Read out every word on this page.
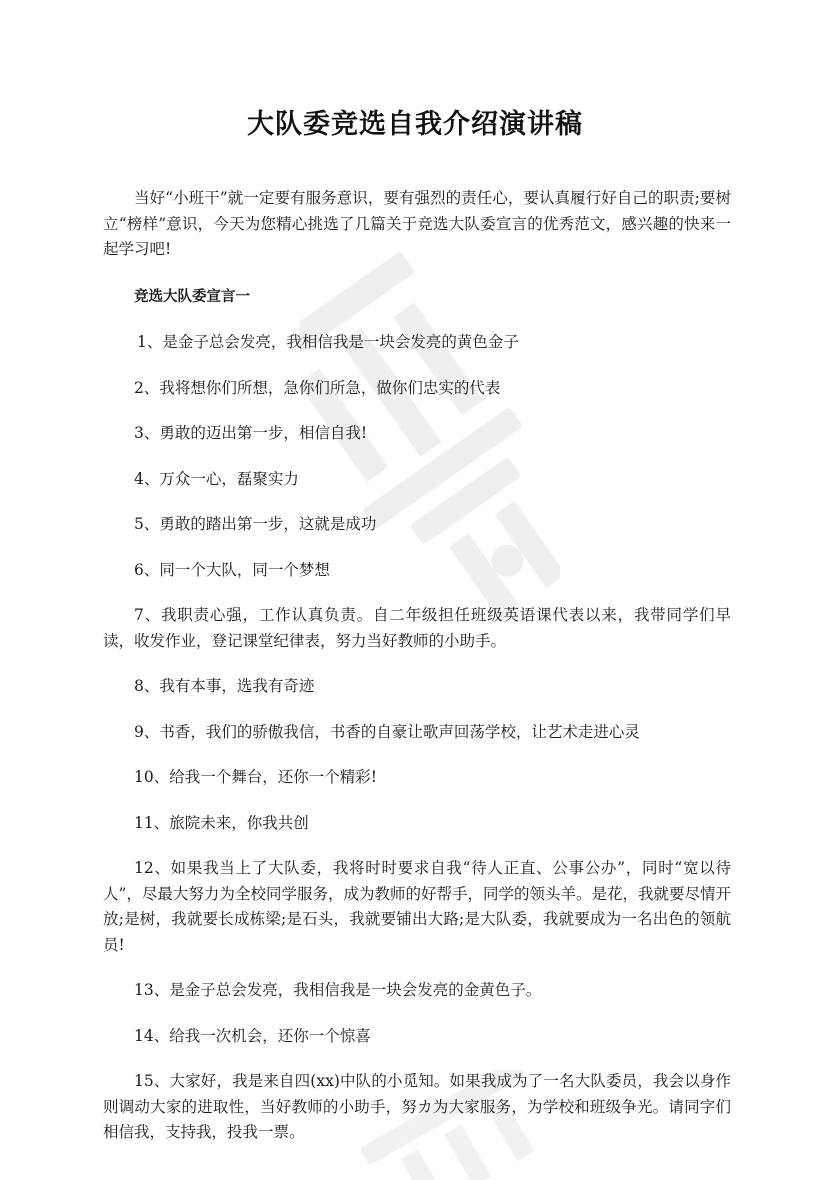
大队委竞选自我介绍演讲稿

当好“小班干”就一定要有服务意识，要有强烈的责任心，要认真履行好自己的职责;要树立“榜样”意识，今天为您精心挑选了几篇关于竞选大队委宣言的优秀范文，感兴趣的快来一起学习吧!

竞选大队委宣言一

1、是金子总会发亮，我相信我是一块会发亮的黄色金子

2、我将想你们所想，急你们所急，做你们忠实的代表

3、勇敢的迈出第一步，相信自我!

4、万众一心，磊聚实力

5、勇敢的踏出第一步，这就是成功

6、同一个大队，同一个梦想

7、我职责心强，工作认真负责。自二年级担任班级英语课代表以来，我带同学们早读，收发作业，登记课堂纪律表，努力当好教师的小助手。

8、我有本事，选我有奇迹

9、书香，我们的骄傲我信，书香的自豪让歌声回荡学校，让艺术走进心灵

10、给我一个舞台，还你一个精彩!

11、旅院未来，你我共创

12、如果我当上了大队委，我将时时要求自我“待人正直、公事公办”，同时“宽以待人”，尽最大努力为全校同学服务，成为教师的好帮手，同学的领头羊。是花，我就要尽情开放;是树，我就要长成栋梁;是石头，我就要铺出大路;是大队委，我就要成为一名出色的领航员!

13、是金子总会发亮，我相信我是一块会发亮的金黄色子。

14、给我一次机会，还你一个惊喜

15、大家好，我是来自四(xx)中队的小觅知。如果我成为了一名大队委员，我会以身作则调动大家的进取性，当好教师的小助手，努カ为大家服务，为学校和班级争光。请同字们相信我，支持我，投我一票。
